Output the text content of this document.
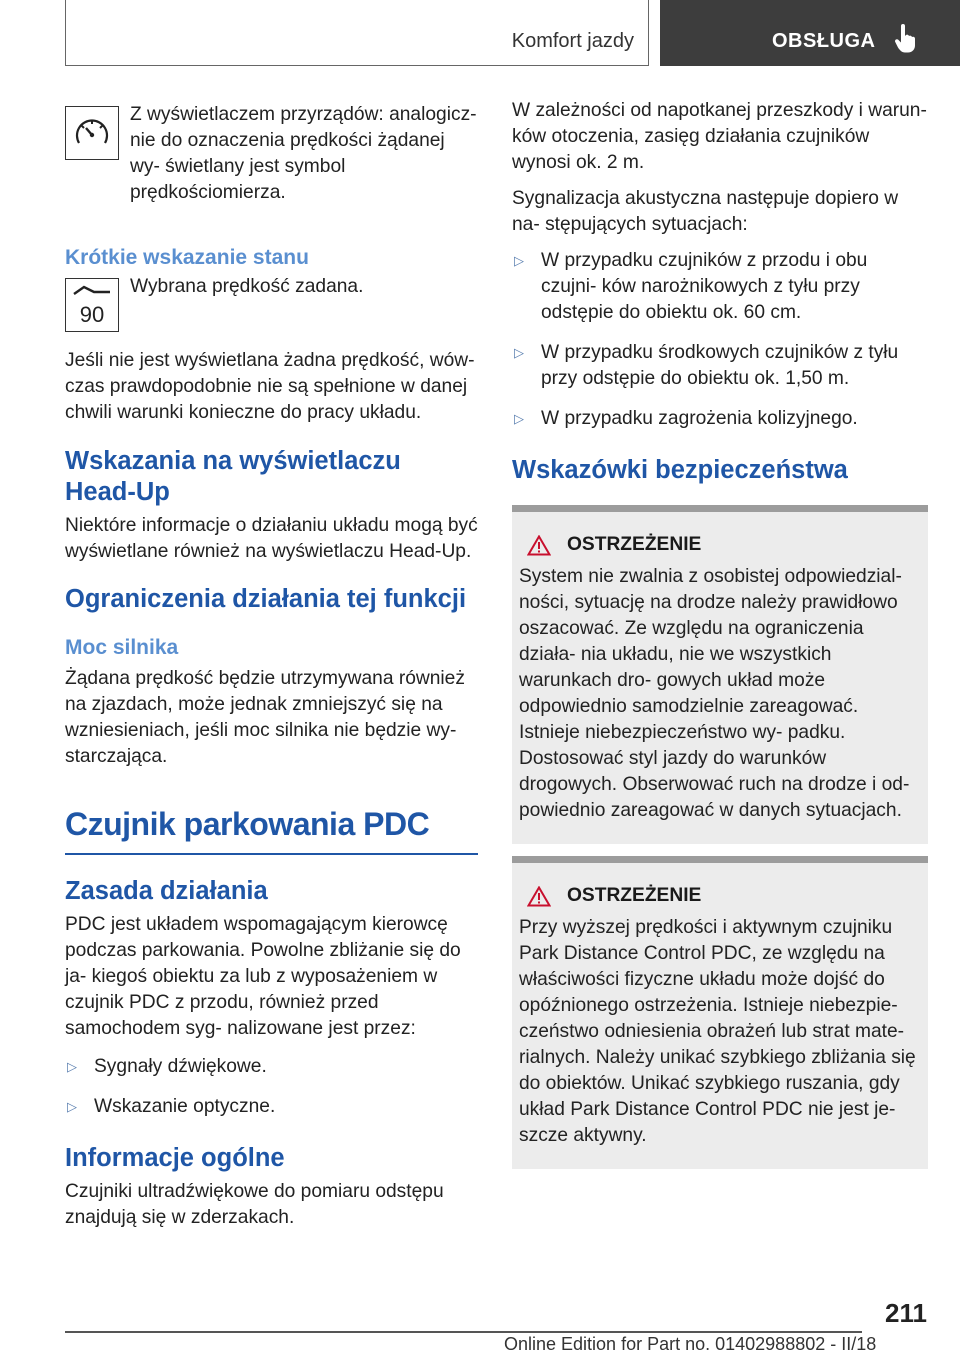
Komfort jazdy	OBSŁUGA

Z wyświetlaczem przyrządów: analogicz- nie do oznaczenia prędkości żądanej wy- świetlany jest symbol prędkościomierza.

Krótkie wskazanie stanu
90

Wybrana prędkość zadana.

Jeśli nie jest wyświetlana żadna prędkość, wów- czas prawdopodobnie nie są spełnione w danej chwili warunki konieczne do pracy układu.

Wskazania na wyświetlaczu
Head-Up

Niektóre informacje o działaniu układu mogą być wyświetlane również na wyświetlaczu Head-Up.

Ograniczenia działania tej funkcji
Moc silnika

Żądana prędkość będzie utrzymywana również na zjazdach, może jednak zmniejszyć się na wzniesieniach, jeśli moc silnika nie będzie wy- starczająca.

Czujnik parkowania PDC
Zasada działania

PDC jest układem wspomagającym kierowcę podczas parkowania. Powolne zbliżanie się do ja- kiegoś obiektu za lub z wyposażeniem w czujnik PDC z przodu, również przed samochodem syg- nalizowane jest przez:

▷ Sygnały dźwiękowe.
▷ Wskazanie optyczne.
Informacje ogólne

Czujniki ultradźwiękowe do pomiaru odstępu znajdują się w zderzakach.

W zależności od napotkanej przeszkody i warun- ków otoczenia, zasięg działania czujników wynosi ok. 2 m.

Sygnalizacja akustyczna następuje dopiero w na- stępujących sytuacjach:

▷ W przypadku czujników z przodu i obu czujni- ków narożnikowych z tyłu przy odstępie do obiektu ok. 60 cm.
▷ W przypadku środkowych czujników z tyłu przy odstępie do obiektu ok. 1,50 m.
▷ W przypadku zagrożenia kolizyjnego.
Wskazówki bezpieczeństwa
OSTRZEŻENIE

System nie zwalnia z osobistej odpowiedzial- ności, sytuację na drodze należy prawidłowo oszacować. Ze względu na ograniczenia działa- nia układu, nie we wszystkich warunkach dro- gowych układ może odpowiednio samodzielnie zareagować. Istnieje niebezpieczeństwo wy- padku. Dostosować styl jazdy do warunków drogowych. Obserwować ruch na drodze i od- powiednio zareagować w danych sytuacjach.

OSTRZEŻENIE

Przy wyższej prędkości i aktywnym czujniku Park Distance Control PDC, ze względu na właściwości fizyczne układu może dojść do opóźnionego ostrzeżenia. Istnieje niebezpie- czeństwo odniesienia obrażeń lub strat mate- rialnych. Należy unikać szybkiego zbliżania się do obiektów. Unikać szybkiego ruszania, gdy układ Park Distance Control PDC nie jest je- szcze aktywny.

211
Online Edition for Part no. 01402988802 - II/18
